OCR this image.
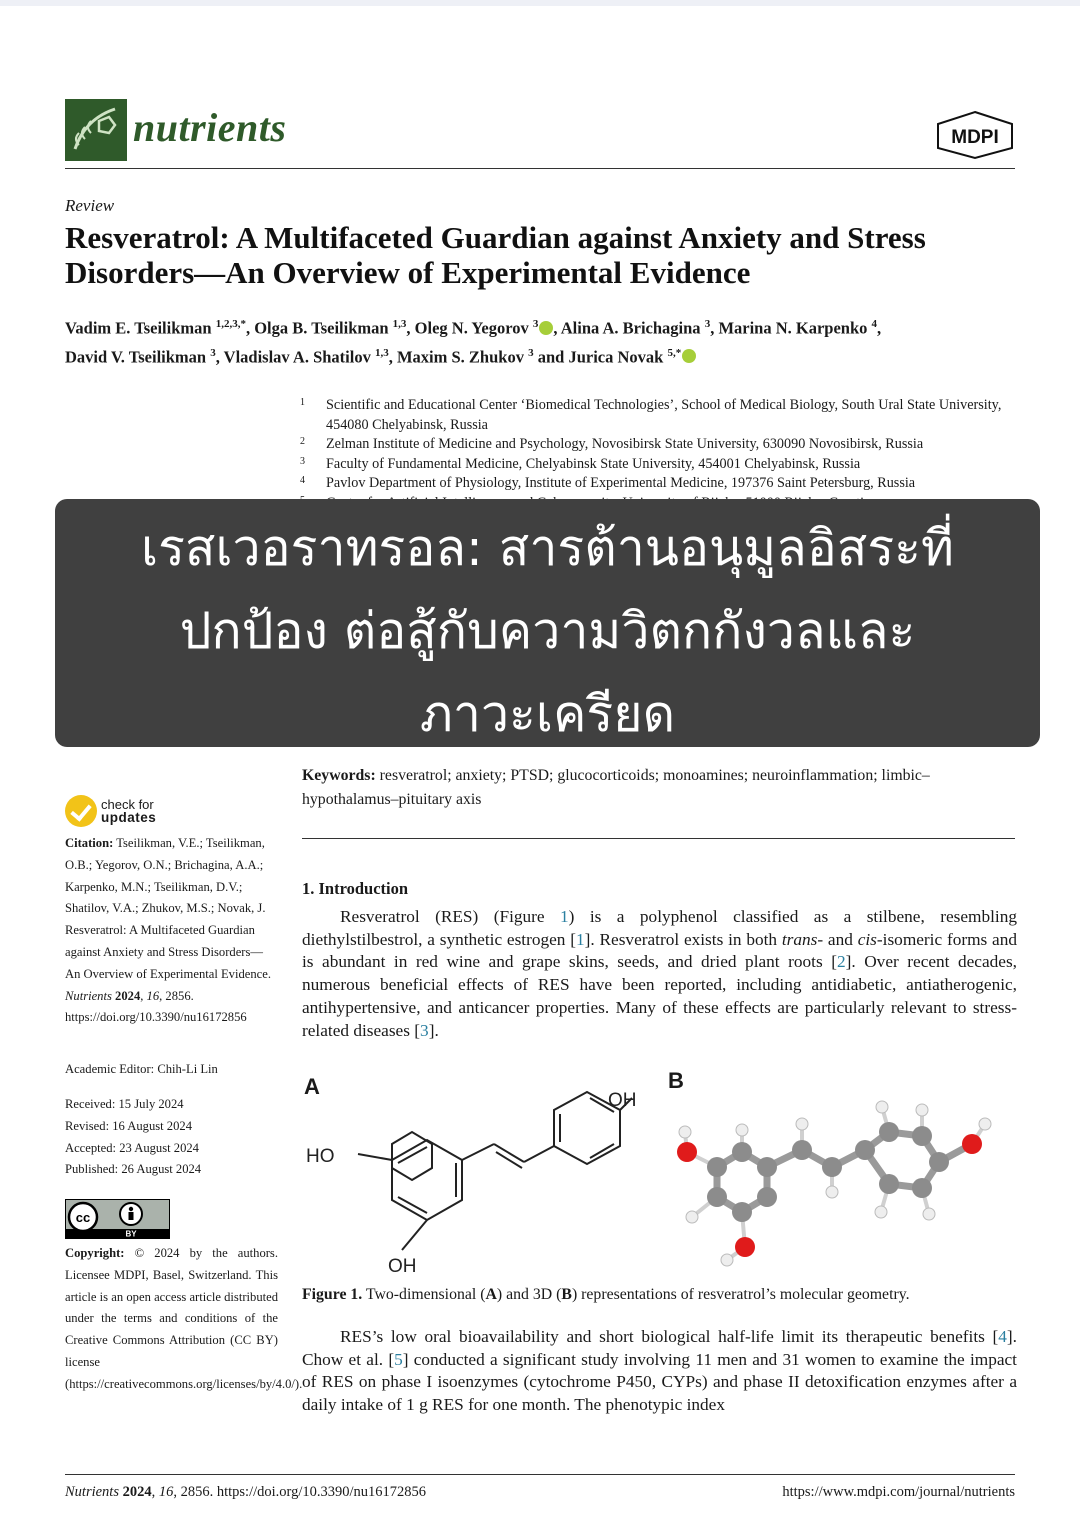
nutrients	MDPI
Review
Resveratrol: A Multifaceted Guardian against Anxiety and Stress Disorders—An Overview of Experimental Evidence
Vadim E. Tseilikman $^{1,2,3,*}$, Olga B. Tseilikman $^{1,3}$, Oleg N. Yegorov $^3$ , Alina A. Brichagina $^3$, Marina N. Karpenko $^4$,
David V. Tseilikman $^3$, Vladislav A. Shatilov $^{1,3}$, Maxim S. Zhukov $^3$ and Jurica Novak $^{5,*}$
1	Scientific and Educational Center ‘Biomedical Technologies’, School of Medical Biology, South Ural State University, 454080 Chelyabinsk, Russia
2	Zelman Institute of Medicine and Psychology, Novosibirsk State University, 630090 Novosibirsk, Russia
3	Faculty of Fundamental Medicine, Chelyabinsk State University, 454001 Chelyabinsk, Russia
4	Pavlov Department of Physiology, Institute of Experimental Medicine, 197376 Saint Petersburg, Russia
เรสเวอราทรอล: สารต้านอนุมูลอิสระที่
ปกป้อง ต่อสู้กับความวิตกกังวลและ
ภาวะเครียด
Keywords: resveratrol; anxiety; PTSD; glucocorticoids; monoamines; neuroinflammation; limbic–hypothalamus–pituitary axis
check for
updates
Citation: Tseilikman, V.E.; Tseilikman, O.B.; Yegorov, O.N.; Brichagina, A.A.; Karpenko, M.N.; Tseilikman, D.V.; Shatilov, V.A.; Zhukov, M.S.; Novak, J. Resveratrol: A Multifaceted Guardian against Anxiety and Stress Disorders—An Overview of Experimental Evidence. Nutrients 2024, 16, 2856. https://doi.org/10.3390/nu16172856
Academic Editor: Chih-Li Lin
Received: 15 July 2024
Revised: 16 August 2024
Accepted: 23 August 2024
Published: 26 August 2024
cc
BY
Copyright: © 2024 by the authors. Licensee MDPI, Basel, Switzerland. This article is an open access article distributed under the terms and conditions of the Creative Commons Attribution (CC BY) license (https://creativecommons.org/licenses/by/4.0/).
1. Introduction
Resveratrol (RES) (Figure 1) is a polyphenol classified as a stilbene, resembling diethylstilbestrol, a synthetic estrogen [1]. Resveratrol exists in both trans- and cis-isomeric forms and is abundant in red wine and grape skins, seeds, and dried plant roots [2]. Over recent decades, numerous beneficial effects of RES have been reported, including antidiabetic, antiatherogenic, antihypertensive, and anticancer properties. Many of these effects are particularly relevant to stress-related diseases [3].
A	B
HO
OH
OH
Figure 1. Two-dimensional (A) and 3D (B) representations of resveratrol’s molecular geometry.
RES’s low oral bioavailability and short biological half-life limit its therapeutic benefits [4]. Chow et al. [5] conducted a significant study involving 11 men and 31 women to examine the impact of RES on phase I isoenzymes (cytochrome P450, CYPs) and phase II detoxification enzymes after a daily intake of 1 g RES for one month. The phenotypic index
Nutrients 2024, 16, 2856. https://doi.org/10.3390/nu16172856	https://www.mdpi.com/journal/nutrients
